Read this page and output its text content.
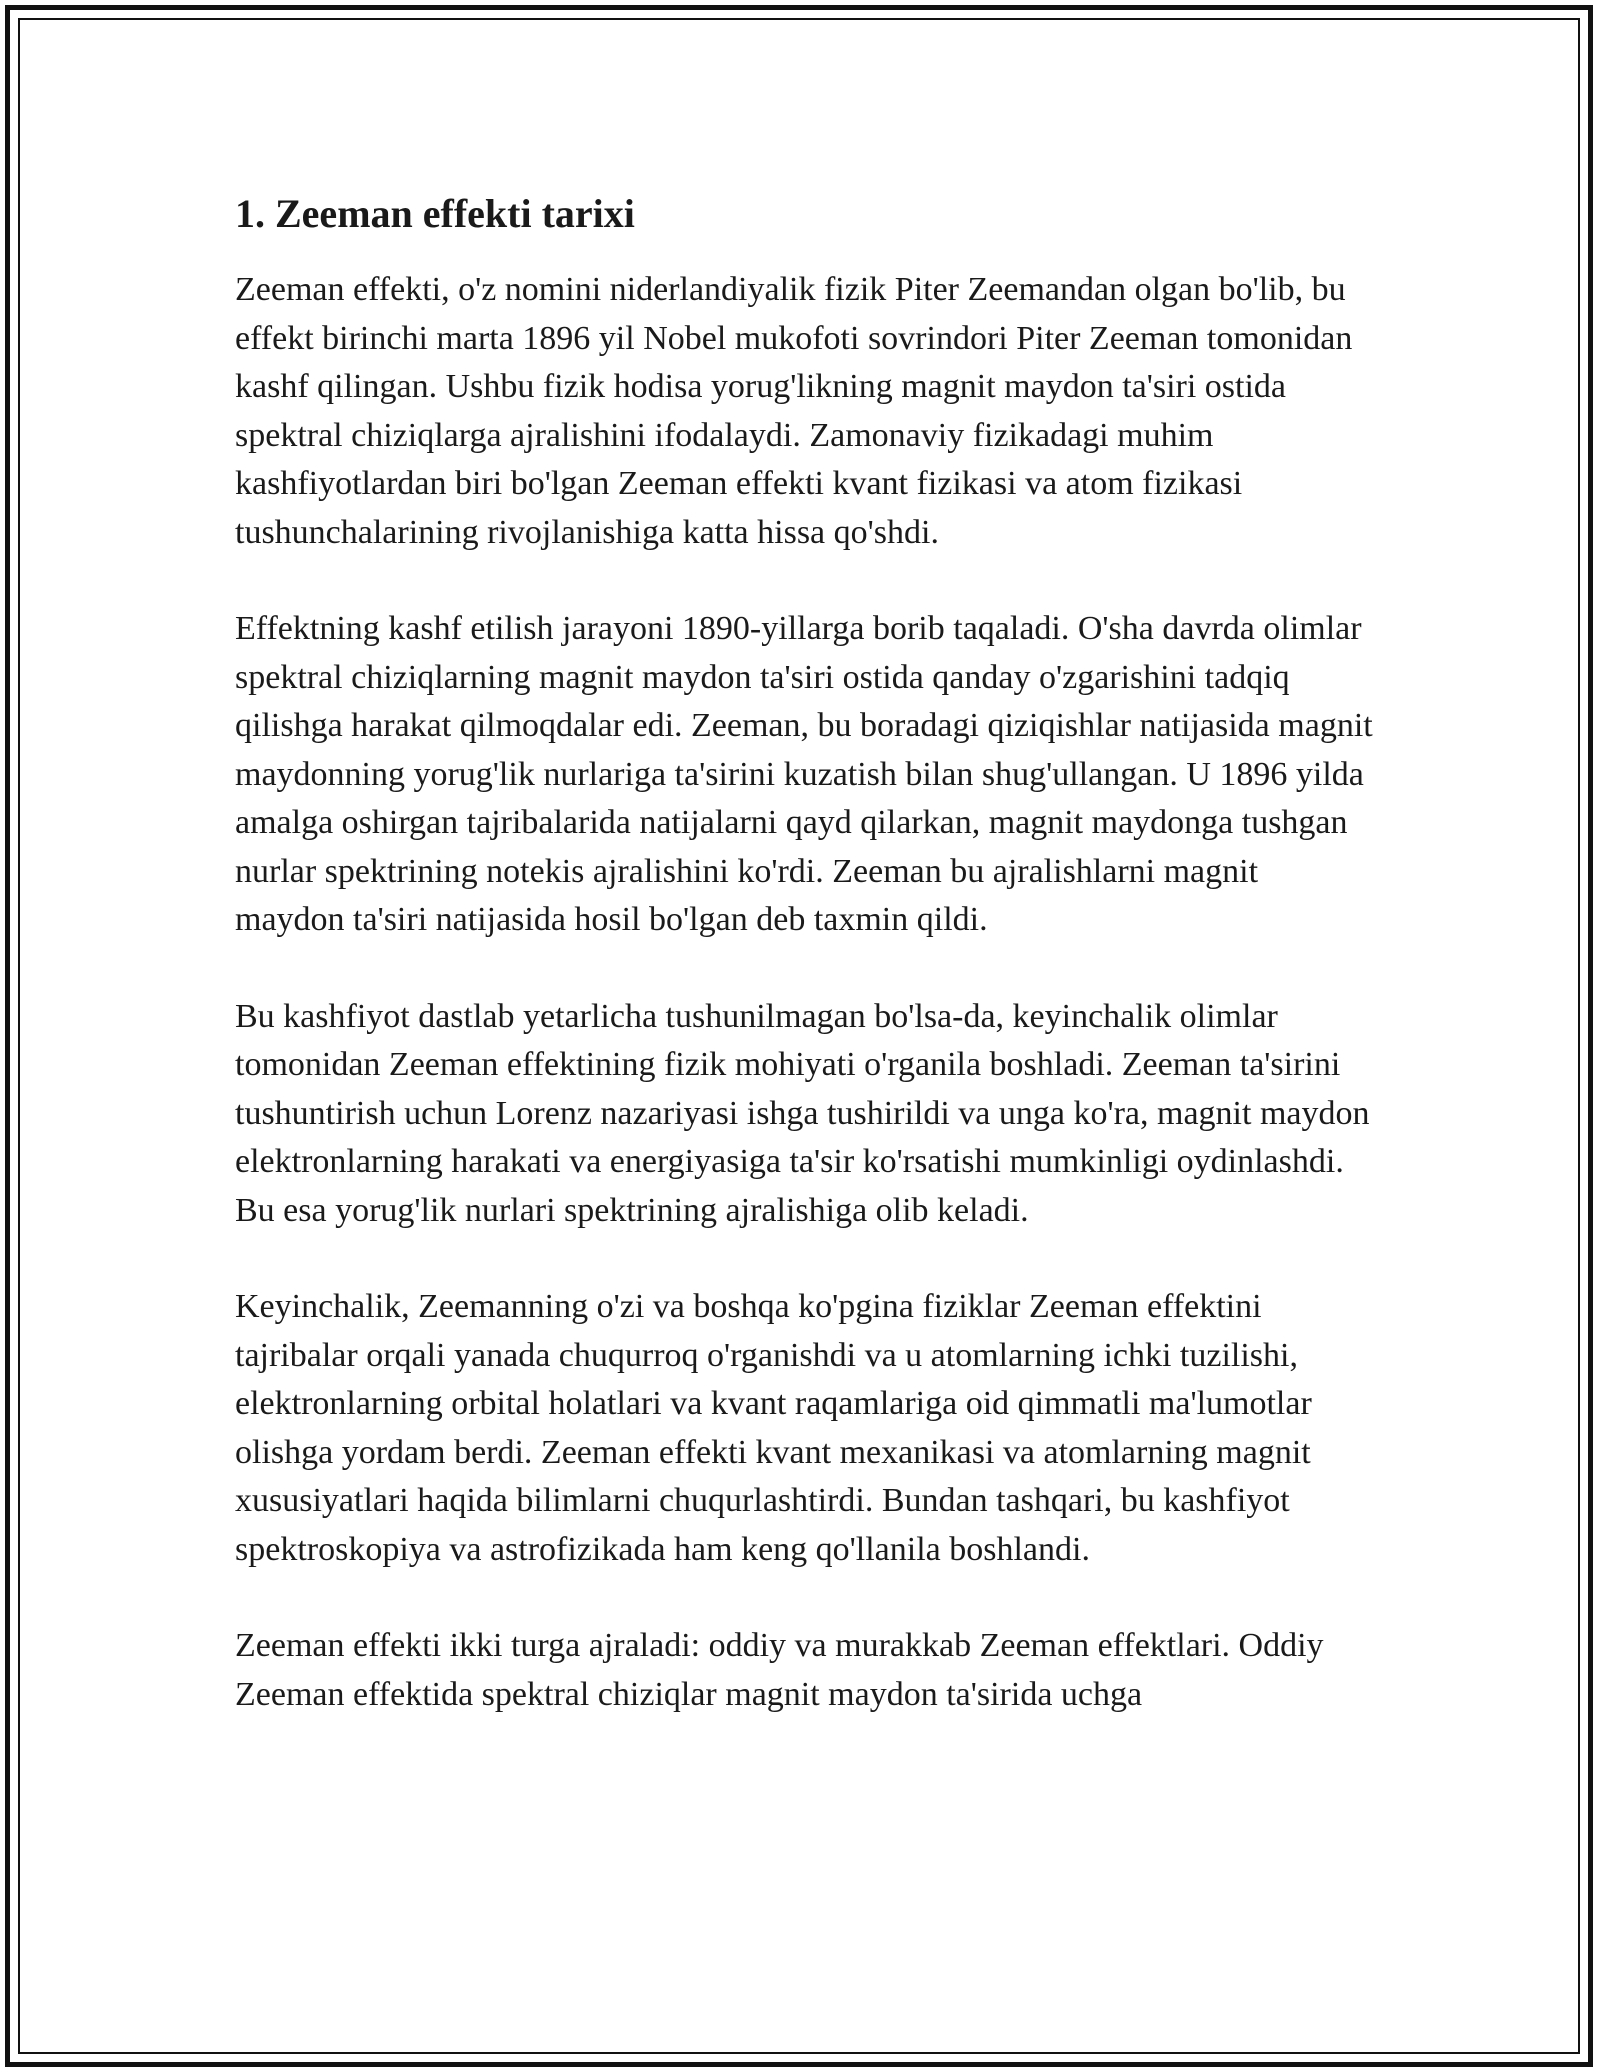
1. Zeeman effekti tarixi

Zeeman effekti, o'z nomini niderlandiyalik fizik Piter Zeemandan olgan bo'lib, bu effekt birinchi marta 1896 yil Nobel mukofoti sovrindori Piter Zeeman tomonidan kashf qilingan. Ushbu fizik hodisa yorug'likning magnit maydon ta'siri ostida spektral chiziqlarga ajralishini ifodalaydi. Zamonaviy fizikadagi muhim kashfiyotlardan biri bo'lgan Zeeman effekti kvant fizikasi va atom fizikasi tushunchalarining rivojlanishiga katta hissa qo'shdi.

Effektning kashf etilish jarayoni 1890-yillarga borib taqaladi. O'sha davrda olimlar spektral chiziqlarning magnit maydon ta'siri ostida qanday o'zgarishini tadqiq qilishga harakat qilmoqdalar edi. Zeeman, bu boradagi qiziqishlar natijasida magnit maydonning yorug'lik nurlariga ta'sirini kuzatish bilan shug'ullangan. U 1896 yilda amalga oshirgan tajribalarida natijalarni qayd qilarkan, magnit maydonga tushgan nurlar spektrining notekis ajralishini ko'rdi. Zeeman bu ajralishlarni magnit maydon ta'siri natijasida hosil bo'lgan deb taxmin qildi.

Bu kashfiyot dastlab yetarlicha tushunilmagan bo'lsa-da, keyinchalik olimlar tomonidan Zeeman effektining fizik mohiyati o'rganila boshladi. Zeeman ta'sirini tushuntirish uchun Lorenz nazariyasi ishga tushirildi va unga ko'ra, magnit maydon elektronlarning harakati va energiyasiga ta'sir ko'rsatishi mumkinligi oydinlashdi. Bu esa yorug'lik nurlari spektrining ajralishiga olib keladi.

Keyinchalik, Zeemanning o'zi va boshqa ko'pgina fiziklar Zeeman effektini tajribalar orqali yanada chuqurroq o'rganishdi va u atomlarning ichki tuzilishi, elektronlarning orbital holatlari va kvant raqamlariga oid qimmatli ma'lumotlar olishga yordam berdi. Zeeman effekti kvant mexanikasi va atomlarning magnit xususiyatlari haqida bilimlarni chuqurlashtirdi. Bundan tashqari, bu kashfiyot spektroskopiya va astrofizikada ham keng qo'llanila boshlandi.

Zeeman effekti ikki turga ajraladi: oddiy va murakkab Zeeman effektlari. Oddiy Zeeman effektida spektral chiziqlar magnit maydon ta'sirida uchga
